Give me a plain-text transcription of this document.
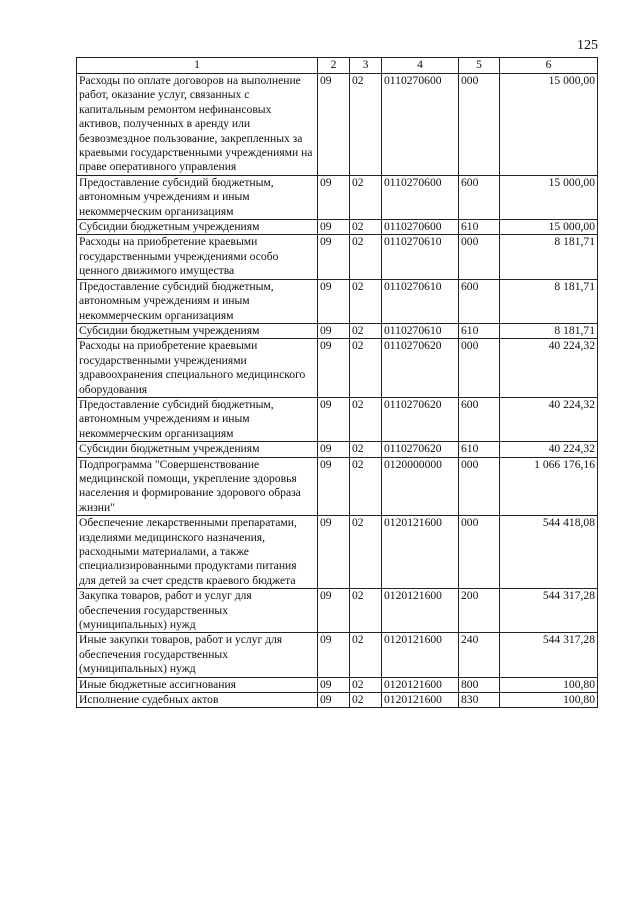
125
1	2	3	4	5	6
Расходы по оплате договоров на выполнение работ, оказание услуг, связанных с капитальным ремонтом нефинансовых активов, полученных в аренду или безвозмездное пользование, закрепленных за краевыми государственными учреждениями на праве оперативного управления	09	02	0110270600	000	15 000,00
Предоставление субсидий бюджетным, автономным учреждениям и иным некоммерческим организациям	09	02	0110270600	600	15 000,00
Субсидии бюджетным учреждениям	09	02	0110270600	610	15 000,00
Расходы на приобретение краевыми государственными учреждениями особо ценного движимого имущества	09	02	0110270610	000	8 181,71
Предоставление субсидий бюджетным, автономным учреждениям и иным некоммерческим организациям	09	02	0110270610	600	8 181,71
Субсидии бюджетным учреждениям	09	02	0110270610	610	8 181,71
Расходы на приобретение краевыми государственными учреждениями здравоохранения специального медицинского оборудования	09	02	0110270620	000	40 224,32
Предоставление субсидий бюджетным, автономным учреждениям и иным некоммерческим организациям	09	02	0110270620	600	40 224,32
Субсидии бюджетным учреждениям	09	02	0110270620	610	40 224,32
Подпрограмма "Совершенствование медицинской помощи, укрепление здоровья населения и формирование здорового образа жизни"	09	02	0120000000	000	1 066 176,16
Обеспечение лекарственными препаратами, изделиями медицинского назначения, расходными материалами, а также специализированными продуктами питания для детей за счет средств краевого бюджета	09	02	0120121600	000	544 418,08
Закупка товаров, работ и услуг для обеспечения государственных (муниципальных) нужд	09	02	0120121600	200	544 317,28
Иные закупки товаров, работ и услуг для обеспечения государственных (муниципальных) нужд	09	02	0120121600	240	544 317,28
Иные бюджетные ассигнования	09	02	0120121600	800	100,80
Исполнение судебных актов	09	02	0120121600	830	100,80
